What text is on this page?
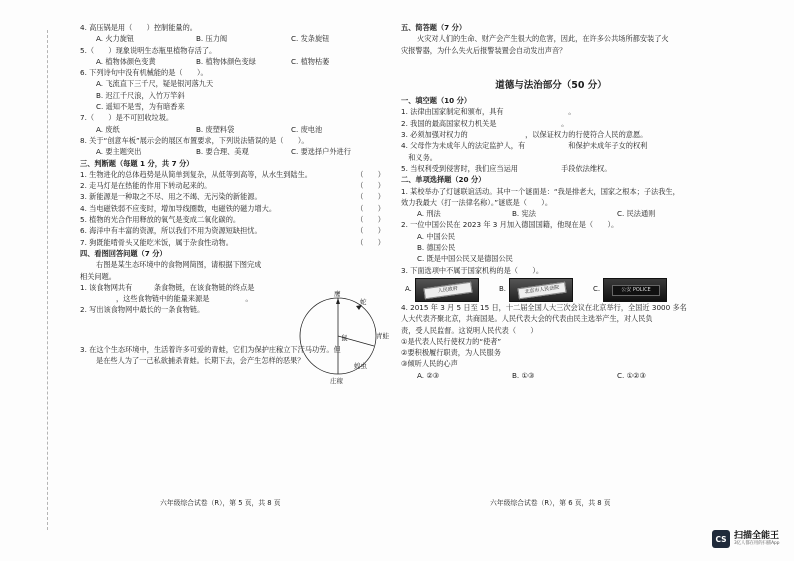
4. 高压锅是用（　　）控制能量的。
A. 火力旋钮	B. 压力阀	C. 发条旋钮
5.（　　）现象说明生态瓶里植物存活了。
A. 植物体颜色变黄	B. 植物体颜色变绿	C. 植物枯萎
6. 下列诗句中没有机械能的是（　　）。
A. 飞流直下三千尺，疑是银河落九天
B. 迟江千尺浪，入竹万竿斜
C. 遥知不是雪，为有暗香来
7.（　　）是不可回收垃圾。
A. 废纸	B. 废塑料袋	C. 废电池
8. 关于“创意车板”展示会的展区布置要求，下列说法错误的是（　　）。
A. 要主题突出	B. 要合理、美观	C. 要选择户外进行
三、判断题（每题 1 分，共 7 分）
1. 生物进化的总体趋势是从简单到复杂，从低等到高等，从水生到陆生。	（　　）
2. 走马灯是在热能的作用下转动起来的。	（　　）
3. 新能源是一种取之不尽、用之不竭、无污染的新能源。	（　　）
4. 当电磁铁弱不应变时，增加导线圈数，电磁铁的磁力增大。	（　　）
5. 植物的光合作用释放的氧气是变成二氧化碳的。	（　　）
6. 海洋中有丰富的资源，所以我们不用为资源短缺担忧。	（　　）
7. 狗既能啃骨头又能吃米饭，属于杂食性动物。	（　　）
四、看图回答问题（7 分）
右图是某生态环境中的食物网简图，请根据下图完成
相关问题。
1. 该食物网共有　　　条食物链，在该食物链的终点是
　　　　　，这些食物链中的能量来源是　　　　　。
2. 写出该食物网中最长的一条食物链。
3. 在这个生态环境中，生活着许多可爱的青蛙，它们为保护庄稼立下汗马功劳。但
是在些人为了一己私欲捕杀青蛙。长期下去，会产生怎样的恶果？
鹰
蛇
青蛙
蝗虫
庄稼
鼠
六年级综合试卷（R），第 5 页，共 8 页
五、简答题（7 分）
火灾对人们的生命、财产会产生很大的危害，因此，在许多公共场所都安装了火
灾报警器，为什么失火后报警装置会自动发出声音？
道德与法治部分（50 分）
一、填空题（10 分）
1. 法律由国家制定和颁布，具有　　　　　　　　　。
2. 我国的最高国家权力机关是　　　　　　　　　。
3. 必须加强对权力的　　　　　　　　，以保证权力的行使符合人民的意愿。
4. 父母作为未成年人的法定监护人，有　　　　　　和保护未成年子女的权利
　和义务。
5. 当权利受到侵害时，我们应当运用　　　　　　手段依法维权。
二、单项选择题（20 分）
1. 某校举办了灯谜联谊活动。其中一个谜面是：“我是排老大，国家之根本；子法我生，
效力我最大（打一法律名称）。”谜底是（　　）。
A. 刑法	B. 宪法	C. 民法通则
2. 一位中国公民在 2023 年 3 月加入德国国籍，他现在是（　　）。
A. 中国公民
B. 德国公民
C. 既是中国公民又是德国公民
3. 下面选项中不属于国家机构的是（　　）。
A.	人民政府	B.	北京市人民法院	C.	公安 POLICE
4. 2015 年 3 月 5 日至 15 日，十二届全国人大三次会议在北京举行，全国近 3000 多名
人大代表齐聚北京，共商国是。人民代表大会的代表由民主选举产生，对人民负
责，受人民监督。这说明人民代表（　　）
①是代表人民行使权力的“使者”
②要积极履行职责，为人民服务
③倾听人民的心声
A. ②③	B. ①③	C. ①②③
六年级综合试卷（R），第 6 页，共 8 页
CS 扫描全能王
3亿人都在用的扫描App
